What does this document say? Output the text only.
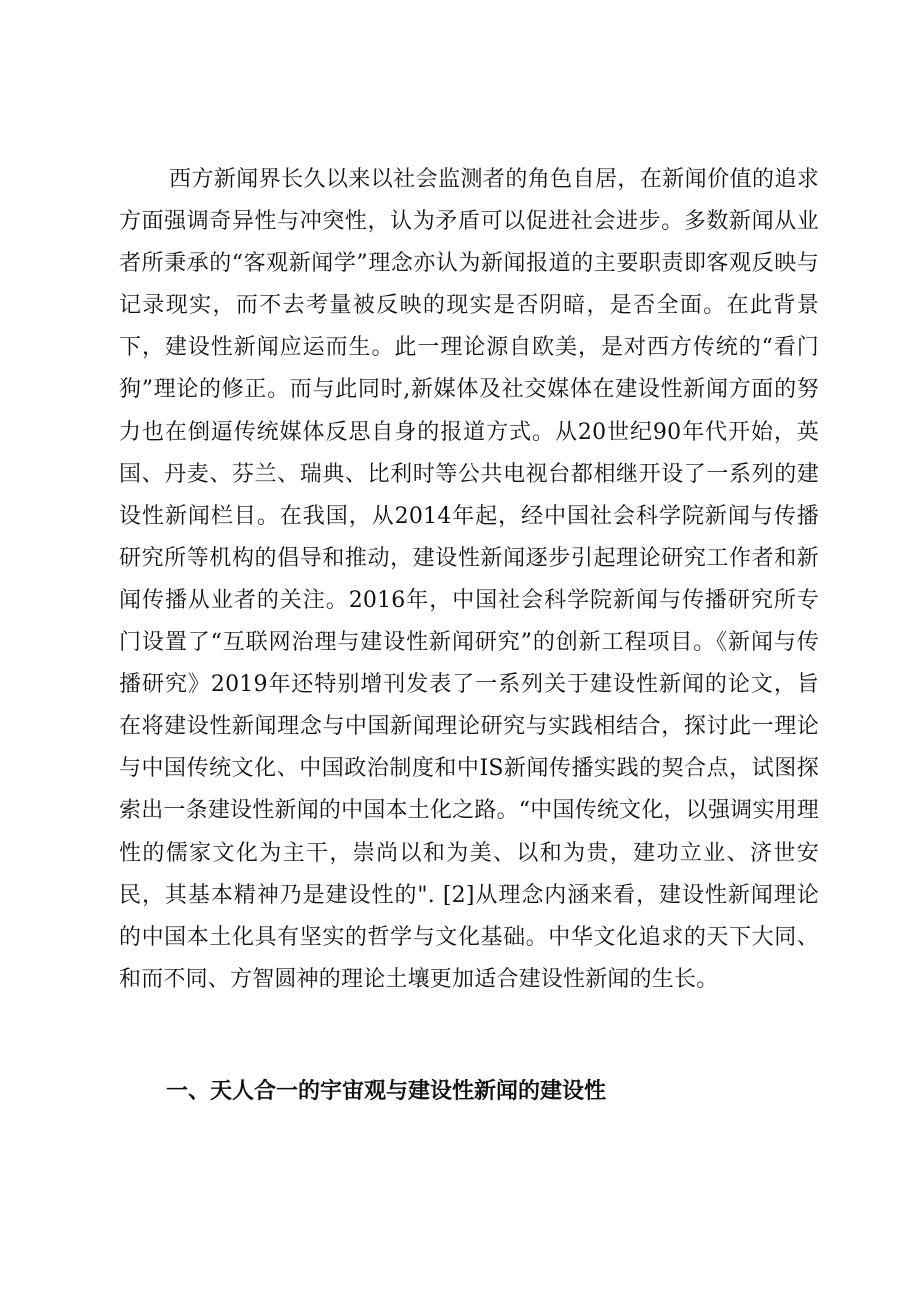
西方新闻界长久以来以社会监测者的角色自居，在新闻价值的追求方面强调奇异性与冲突性，认为矛盾可以促进社会进步。多数新闻从业者所秉承的“客观新闻学”理念亦认为新闻报道的主要职责即客观反映与记录现实，而不去考量被反映的现实是否阴暗，是否全面。在此背景下，建设性新闻应运而生。此一理论源自欧美，是对西方传统的“看门狗”理论的修正。而与此同时,新媒体及社交媒体在建设性新闻方面的努力也在倒逼传统媒体反思自身的报道方式。从20世纪90年代开始，英国、丹麦、芬兰、瑞典、比利时等公共电视台都相继开设了一系列的建设性新闻栏目。在我国，从2014年起，经中国社会科学院新闻与传播研究所等机构的倡导和推动，建设性新闻逐步引起理论研究工作者和新闻传播从业者的关注。2016年，中国社会科学院新闻与传播研究所专门设置了“互联网治理与建设性新闻研究”的创新工程项目。《新闻与传播研究》2019年还特别增刊发表了一系列关于建设性新闻的论文，旨在将建设性新闻理念与中国新闻理论研究与实践相结合，探讨此一理论与中国传统文化、中国政治制度和中IS新闻传播实践的契合点，试图探索出一条建设性新闻的中国本土化之路。“中国传统文化，以强调实用理性的儒家文化为主干，崇尚以和为美、以和为贵，建功立业、济世安民，其基本精神乃是建设性的". [2]从理念内涵来看，建设性新闻理论的中国本土化具有坚实的哲学与文化基础。中华文化追求的天下大同、和而不同、方智圆神的理论土壤更加适合建设性新闻的生长。

一、天人合一的宇宙观与建设性新闻的建设性
